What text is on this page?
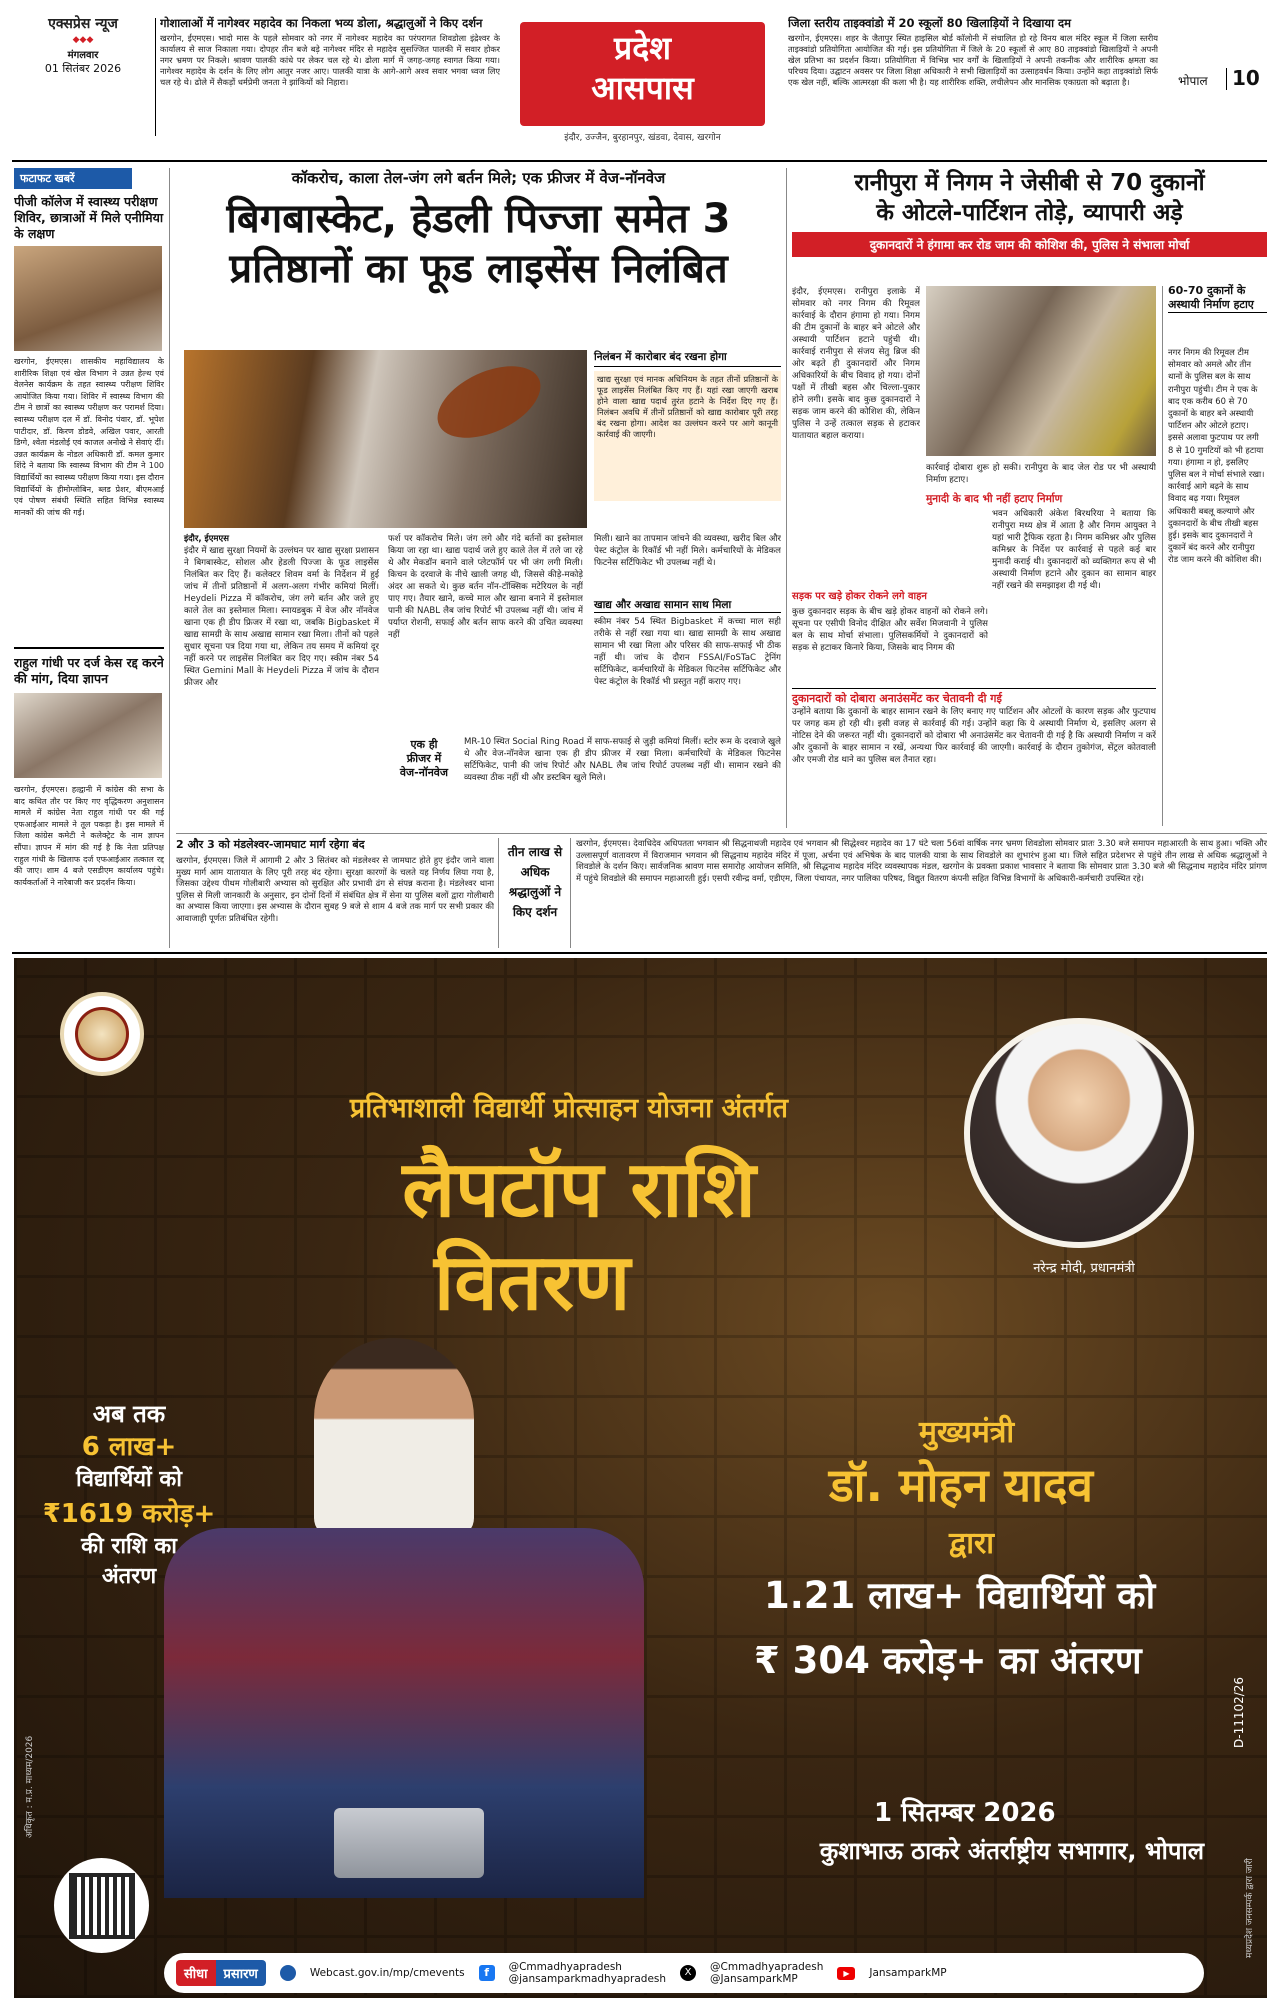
एक्सप्रेस न्यूज
◆◆◆
मंगलवार
01 सितंबर 2026
गोशालाओं में नागेश्वर महादेव का निकला भव्य डोला, श्रद्धालुओं ने किए दर्शन
खरगोन, ईएमएस। भादो मास के पहले सोमवार को नगर में नागेश्वर महादेव का परंपरागत शिवडोला इंद्रेश्वर के कार्यालय से साज निकाला गया। दोपहर तीन बजे बड़े नागेश्वर मंदिर से महादेव सुसज्जित पालकी में सवार होकर नगर भ्रमण पर निकले। श्रावण पालकी कांधे पर लेकर चल रहे थे। ढोला मार्ग में जगह-जगह स्वागत किया गया। नागेश्वर महादेव के दर्शन के लिए लोग आतुर नजर आए। पालकी यात्रा के आगे-आगे अश्व सवार भगवा ध्वज लिए चल रहे थे। ढोले में सैकड़ों धर्मप्रेमी जनता ने झांकियों को निहारा।
प्रदेश
आसपास
इंदौर, उज्जैन, बुरहानपुर, खंडवा, देवास, खरगोन
जिला स्तरीय ताइक्वांडो में 20 स्कूलों 80 खिलाड़ियों ने दिखाया दम
खरगोन, ईएमएस। शहर के जैतापुर स्थित हाइसिल बोर्ड कॉलोनी में संचालित हो रहे विनय बाल मंदिर स्कूल में जिला स्तरीय ताइक्वांडो प्रतियोगिता आयोजित की गई। इस प्रतियोगिता में जिले के 20 स्कूलों से आए 80 ताइक्वांडो खिलाड़ियों ने अपनी खेल प्रतिभा का प्रदर्शन किया। प्रतियोगिता में विभिन्न भार वर्गों के खिलाड़ियों ने अपनी तकनीक और शारीरिक क्षमता का परिचय दिया। उद्घाटन अवसर पर जिला शिक्षा अधिकारी ने सभी खिलाड़ियों का उत्साहवर्धन किया। उन्होंने कहा ताइक्वांडो सिर्फ एक खेल नहीं, बल्कि आत्मरक्षा की कला भी है। यह शारीरिक शक्ति, लचीलेपन और मानसिक एकाग्रता को बढ़ाता है।	भोपाल 10
फटाफट खबरें
पीजी कॉलेज में स्वास्थ्य परीक्षण शिविर, छात्राओं में मिले एनीमिया के लक्षण
खरगोन, ईएमएस। शासकीय महाविद्यालय के शारीरिक शिक्षा एवं खेल विभाग ने उन्नत हेल्थ एवं वेलनेस कार्यक्रम के तहत स्वास्थ्य परीक्षण शिविर आयोजित किया गया। शिविर में स्वास्थ्य विभाग की टीम ने छात्रों का स्वास्थ्य परीक्षण कर परामर्श दिया। स्वास्थ्य परीक्षण दल में डॉ. विनोद पंवार, डॉ. भूपेश पाटीदार, डॉ. किरण डोडवे, अखिल पवार, आरती डिग्गे, श्वेता मंडलोई एवं काजल अनोखे ने सेवाएं दीं। उन्नत कार्यक्रम के नोडल अधिकारी डॉ. कमल कुमार शिंदे ने बताया कि स्वास्थ्य विभाग की टीम ने 100 विद्यार्थियों का स्वास्थ्य परीक्षण किया गया। इस दौरान विद्यार्थियों के हीमोग्लोबिन, ब्लड प्रेशर, बीएमआई एवं पोषण संबंधी स्थिति सहित विभिन्न स्वास्थ्य मानकों की जांच की गई।
राहुल गांधी पर दर्ज केस रद्द करने की मांग, दिया ज्ञापन
खरगोन, ईएमएस। हल्द्वानी में कांग्रेस की सभा के बाद कथित तौर पर किए गए वृद्धिकरण अनुशासन मामले में कांग्रेस नेता राहुल गांधी पर की गई एफआईआर मामले ने तूल पकड़ा है। इस मामले में जिला कांग्रेस कमेटी ने कलेक्ट्रेट के नाम ज्ञापन सौंपा। ज्ञापन में मांग की गई है कि नेता प्रतिपक्ष राहुल गांधी के खिलाफ दर्ज एफआईआर तत्काल रद्द की जाए। शाम 4 बजे एसडीएम कार्यालय पहुंचे। कार्यकर्ताओं ने नारेबाजी कर प्रदर्शन किया।
कॉकरोच, काला तेल-जंग लगे बर्तन मिले; एक फ्रीजर में वेज-नॉनवेज
बिगबास्केट, हेडली पिज्जा समेत 3
प्रतिष्ठानों का फूड लाइसेंस निलंबित
निलंबन में कारोबार बंद रखना होगा
खाद्य सुरक्षा एवं मानक अधिनियम के तहत तीनों प्रतिष्ठानों के फूड लाइसेंस निलंबित किए गए हैं। यहां रखा जाएगी खराब होने वाला खाद्य पदार्थ तुरंत हटाने के निर्देश दिए गए हैं। निलंबन अवधि में तीनों प्रतिष्ठानों को खाद्य कारोबार पूरी तरह बंद रखना होगा। आदेश का उल्लंघन करने पर आगे कानूनी कार्रवाई की जाएगी।
इंदौर, ईएमएस
इंदौर में खाद्य सुरक्षा नियमों के उल्लंघन पर खाद्य सुरक्षा प्रशासन ने बिगबास्केट, सोशल और हेडली पिज्जा के फूड लाइसेंस निलंबित कर दिए हैं। कलेक्टर शिवम वर्मा के निर्देशन में हुई जांच में तीनों प्रतिष्ठानों में अलग-अलग गंभीर कमियां मिलीं। Heydeli Pizza में कॉकरोच, जंग लगे बर्तन और जले हुए काले तेल का इस्तेमाल मिला। स्नायडबुक में वेज और नॉनवेज खाना एक ही डीप फ्रिजर में रखा था, जबकि Bigbasket में खाद्य सामग्री के साथ अखाद्य सामान रखा मिला। तीनों को पहले सुधार सूचना पत्र दिया गया था, लेकिन तय समय में कमियां दूर नहीं करने पर लाइसेंस निलंबित कर दिए गए। स्कीम नंबर 54 स्थित Gemini Mall के Heydeli Pizza में जांच के दौरान फ्रीजर और
फर्श पर कॉकरोच मिले। जंग लगे और गंदे बर्तनों का इस्तेमाल किया जा रहा था। खाद्य पदार्थ जले हुए काले तेल में तले जा रहे थे और मेकडॉन बनाने वाले प्लेटफॉर्म पर भी जंग लगी मिली। किचन के दरवाजे के नीचे खाली जगह थी, जिससे कीड़े-मकोड़े अंदर आ सकते थे। कुछ बर्तन नॉन-टॉक्सिक मटेरियल के नहीं पाए गए। तैयार खाने, कच्चे माल और खाना बनाने में इस्तेमाल पानी की NABL लैब जांच रिपोर्ट भी उपलब्ध नहीं थी। जांच में पर्याप्त रोशनी, सफाई और बर्तन साफ करने की उचित व्यवस्था नहीं
एक ही
फ्रीजर में
वेज-नॉनवेज
MR-10 स्थित Social Ring Road में साफ-सफाई से जुड़ी कमियां मिलीं। स्टोर रूम के दरवाजे खुले थे और वेज-नॉनवेज खाना एक ही डीप फ्रीजर में रखा मिला। कर्मचारियों के मेडिकल फिटनेस सर्टिफिकेट, पानी की जांच रिपोर्ट और NABL लैब जांच रिपोर्ट उपलब्ध नहीं थी। सामान रखने की व्यवस्था ठीक नहीं थी और डस्टबिन खुले मिले।
मिली। खाने का तापमान जांचने की व्यवस्था, खरीद बिल और पेस्ट कंट्रोल के रिकॉर्ड भी नहीं मिले। कर्मचारियों के मेडिकल फिटनेस सर्टिफिकेट भी उपलब्ध नहीं थे।
खाद्य और अखाद्य सामान साथ मिला
स्कीम नंबर 54 स्थित Bigbasket में कच्चा माल सही तरीके से नहीं रखा गया था। खाद्य सामग्री के साथ अखाद्य सामान भी रखा मिला और परिसर की साफ-सफाई भी ठीक नहीं थी। जांच के दौरान FSSAI/FoSTaC ट्रेनिंग सर्टिफिकेट, कर्मचारियों के मेडिकल फिटनेस सर्टिफिकेट और पेस्ट कंट्रोल के रिकॉर्ड भी प्रस्तुत नहीं कराए गए।
रानीपुरा में निगम ने जेसीबी से 70 दुकानों
के ओटले-पार्टिशन तोड़े, व्यापारी अड़े
दुकानदारों ने हंगामा कर रोड जाम की कोशिश की, पुलिस ने संभाला मोर्चा
इंदौर, ईएमएस। रानीपुरा इलाके में सोमवार को नगर निगम की रिमूवल कार्रवाई के दौरान हंगामा हो गया। निगम की टीम दुकानों के बाहर बने ओटले और अस्थायी पार्टिशन हटाने पहुंची थी। कार्रवाई रानीपुरा से संजय सेतु ब्रिज की ओर बढ़ते ही दुकानदारों और निगम अधिकारियों के बीच विवाद हो गया। दोनों पक्षों में तीखी बहस और चिल्ला-पुकार होने लगी। इसके बाद कुछ दुकानदारों ने सड़क जाम करने की कोशिश की, लेकिन पुलिस ने उन्हें तत्काल सड़क से हटाकर यातायात बहाल कराया।
कार्रवाई दोबारा शुरू हो सकी। रानीपुरा के बाद जेल रोड पर भी अस्थायी निर्माण हटाए।
मुनादी के बाद भी नहीं हटाए निर्माण
भवन अधिकारी अंकेश बिरथरिया ने बताया कि रानीपुरा मध्य क्षेत्र में आता है और निगम आयुक्त ने यहां भारी ट्रैफिक रहता है। निगम कमिश्नर और पुलिस कमिश्नर के निर्देश पर कार्रवाई से पहले कई बार मुनादी कराई थी। दुकानदारों को व्यक्तिगत रूप से भी अस्थायी निर्माण हटाने और दुकान का सामान बाहर नहीं रखने की समझाइश दी गई थी।
सड़क पर खड़े होकर रोकने लगे वाहन
कुछ दुकानदार सड़क के बीच खड़े होकर वाहनों को रोकने लगे। सूचना पर एसीपी विनोद दीक्षित और सर्वेश मिजवानी ने पुलिस बल के साथ मोर्चा संभाला। पुलिसकर्मियों ने दुकानदारों को सड़क से हटाकर किनारे किया, जिसके बाद निगम की
दुकानदारों को दोबारा अनाउंसमेंट कर चेतावनी दी गई
उन्होंने बताया कि दुकानों के बाहर सामान रखने के लिए बनाए गए पार्टिशन और ओटलों के कारण सड़क और फुटपाथ पर जगह कम हो रही थी। इसी वजह से कार्रवाई की गई। उन्होंने कहा कि ये अस्थायी निर्माण थे, इसलिए अलग से नोटिस देने की जरूरत नहीं थी। दुकानदारों को दोबारा भी अनाउंसमेंट कर चेतावनी दी गई है कि अस्थायी निर्माण न करें और दुकानों के बाहर सामान न रखें, अन्यथा फिर कार्रवाई की जाएगी। कार्रवाई के दौरान तुकोगंज, सेंट्रल कोतवाली और एमजी रोड थाने का पुलिस बल तैनात रहा।
60-70 दुकानों के अस्थायी निर्माण हटाए
नगर निगम की रिमूवल टीम सोमवार को अमले और तीन थानों के पुलिस बल के साथ रानीपुरा पहुंची। टीम ने एक के बाद एक करीब 60 से 70 दुकानों के बाहर बने अस्थायी पार्टिशन और ओटले हटाए। इससे अलावा फुटपाथ पर लगी 8 से 10 गुमटियों को भी हटाया गया। हंगामा न हो, इसलिए पुलिस बल ने मोर्चा संभाले रखा। कार्रवाई आगे बढ़ने के साथ विवाद बढ़ गया। रिमूवल अधिकारी बबलू कल्याणे और दुकानदारों के बीच तीखी बहस हुई। इसके बाद दुकानदारों ने दुकानें बंद करने और रानीपुरा रोड जाम करने की कोशिश की।
2 और 3 को मंडलेश्वर-जामघाट मार्ग रहेगा बंद
खरगोन, ईएमएस। जिले में आगामी 2 और 3 सितंबर को मंडलेश्वर से जामघाट होते हुए इंदौर जाने वाला मुख्य मार्ग आम यातायात के लिए पूरी तरह बंद रहेगा। सुरक्षा कारणों के चलते यह निर्णय लिया गया है, जिसका उद्देश्य पीथम गोलीबारी अभ्यास को सुरक्षित और प्रभावी ढंग से संपन्न कराना है। मंडलेश्वर थाना पुलिस से मिली जानकारी के अनुसार, इन दोनों दिनों में संबंधित क्षेत्र में सेना या पुलिस बलों द्वारा गोलीबारी का अभ्यास किया जाएगा। इस अभ्यास के दौरान सुबह 9 बजे से शाम 4 बजे तक मार्ग पर सभी प्रकार की आवाजाही पूर्णतः प्रतिबंधित रहेगी।
तीन लाख से अधिक श्रद्धालुओं ने किए दर्शन
खरगोन, ईएमएस। देवाधिदेव अधिपतता भगवान श्री सिद्धनाथजी महादेव एवं भगवान श्री सिद्धेश्वर महादेव का 17 घंटे चला 56वां वार्षिक नगर भ्रमण शिवडोला सोमवार प्रातः 3.30 बजे समापन महाआरती के साथ हुआ। भक्ति और उल्लासपूर्ण वातावरण में विराजमान भगवान श्री सिद्धनाथ महादेव मंदिर में पूजा, अर्चना एवं अभिषेक के बाद पालकी यात्रा के साथ शिवडोले का शुभारंभ हुआ था। जिले सहित प्रदेशभर से पहुंचे तीन लाख से अधिक श्रद्धालुओं ने शिवडोले के दर्शन किए। सार्वजनिक श्रावण मास समारोह आयोजन समिति, श्री सिद्धनाथ महादेव मंदिर व्यवस्थापक मंडल, खरगोन के प्रवक्ता प्रकाश भावसार ने बताया कि सोमवार प्रातः 3.30 बजे श्री सिद्धनाथ महादेव मंदिर प्रांगण में पहुंचे शिवडोले की समापन महाआरती हुई। एसपी रवीन्द्र वर्मा, एडीएम, जिला पंचायत, नगर पालिका परिषद, विद्युत वितरण कंपनी सहित विभिन्न विभागों के अधिकारी-कर्मचारी उपस्थित रहे।
प्रतिभाशाली विद्यार्थी प्रोत्साहन योजना अंतर्गत
लैपटॉप राशि
वितरण	नरेन्द्र मोदी, प्रधानमंत्री
अब तक
6 लाख+
विद्यार्थियों को
₹1619 करोड़+
की राशि का
अंतरण
मुख्यमंत्री
डॉ. मोहन यादव
द्वारा
1.21 लाख+ विद्यार्थियों को
₹ 304 करोड़+ का अंतरण
1 सितम्बर 2026
कुशाभाऊ ठाकरे अंतर्राष्ट्रीय सभागार, भोपाल
D-11102/26
अधिकृत : म.प्र. माध्यम/2026
मध्यप्रदेश जनसम्पर्क द्वारा जारी
सीधा	प्रसारण	Webcast.gov.in/mp/cmevents	f	@Cmmadhyapradesh
@jansamparkmadhyapradesh
X	@Cmmadhyapradesh
@JansamparkMP	▶	JansamparkMP
